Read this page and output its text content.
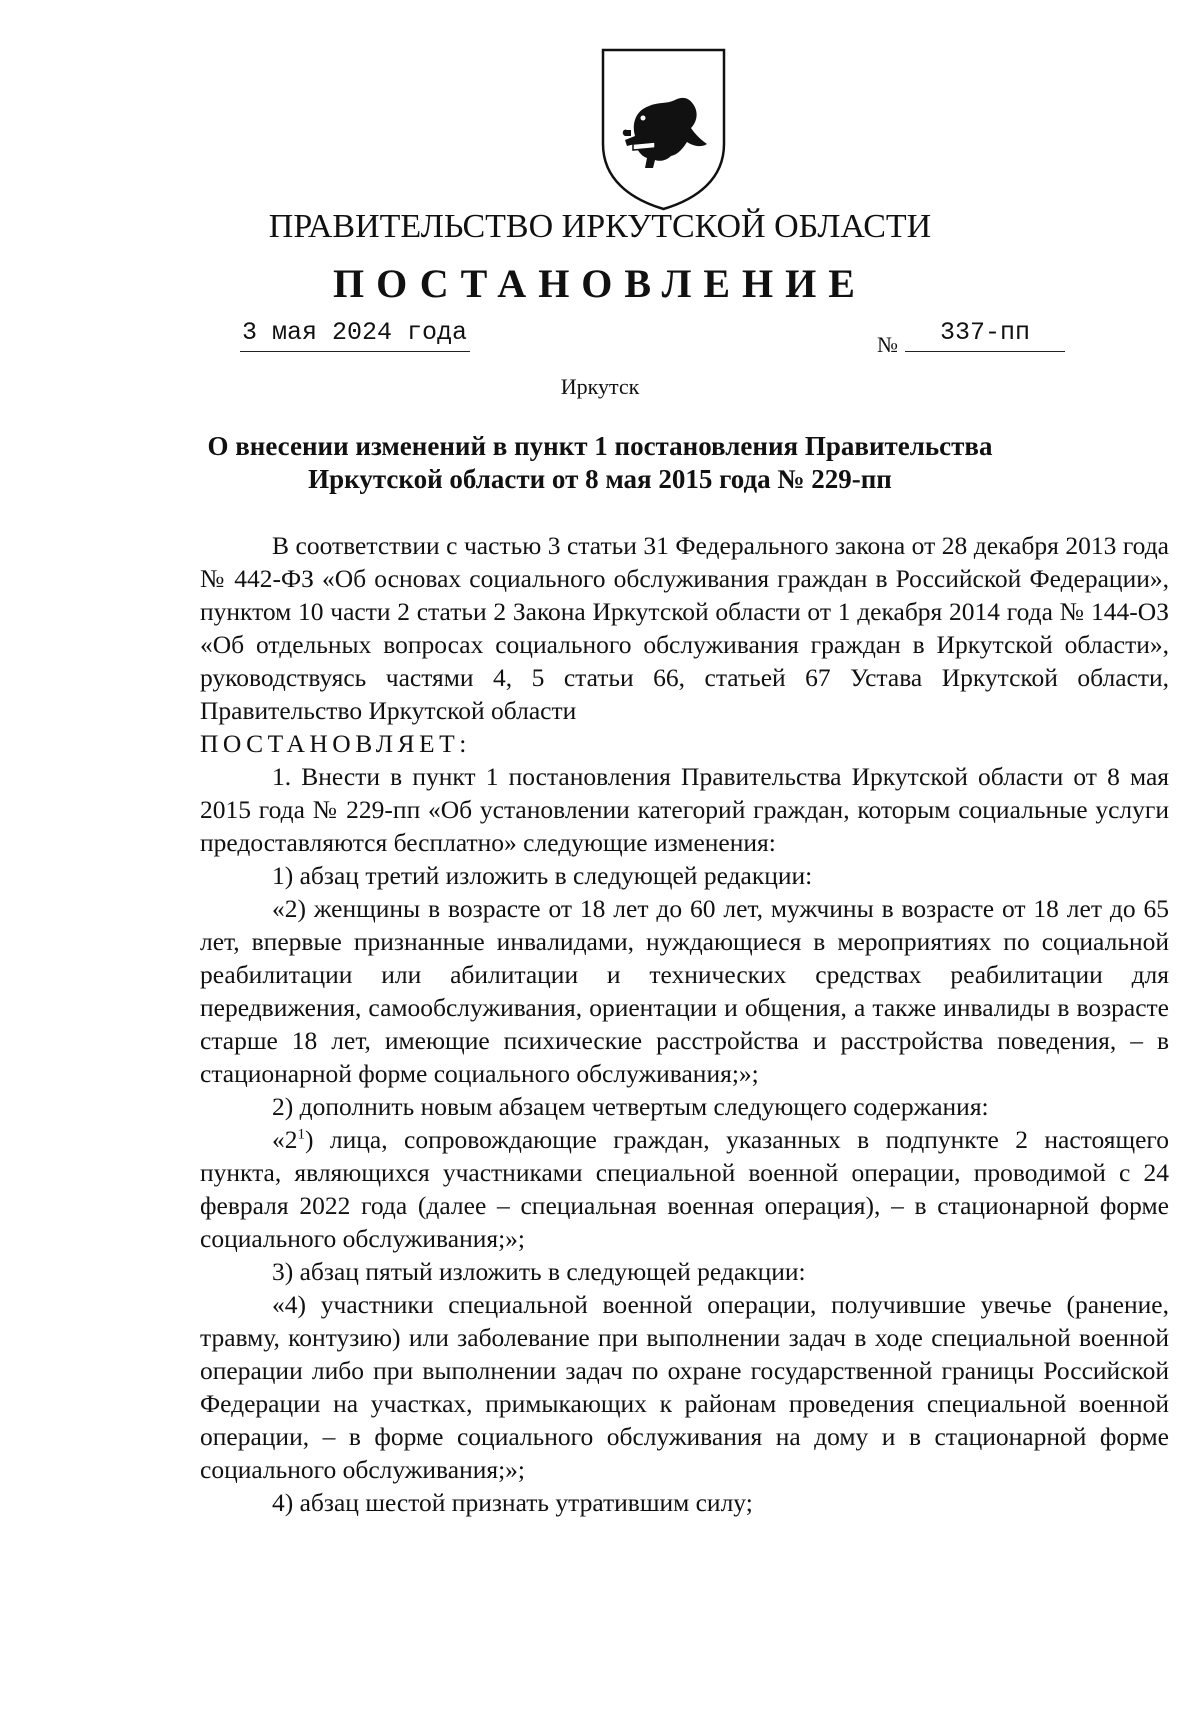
ПРАВИТЕЛЬСТВО ИРКУТСКОЙ ОБЛАСТИ
ПОСТАНОВЛЕНИЕ
3 мая 2024 года	№	337-пп
Иркутск
О внесении изменений в пункт 1 постановления Правительства
Иркутской области от 8 мая 2015 года № 229-пп

В соответствии с частью 3 статьи 31 Федерального закона от 28 декабря 2013 года № 442-ФЗ «Об основах социального обслуживания граждан в Российской Федерации», пунктом 10 части 2 статьи 2 Закона Иркутской области от 1 декабря 2014 года № 144-ОЗ «Об отдельных вопросах социального обслуживания граждан в Иркутской области», руководствуясь частями 4, 5 статьи 66, статьей 67 Устава Иркутской области, Правительство Иркутской области

ПОСТАНОВЛЯЕТ:

1. Внести в пункт 1 постановления Правительства Иркутской области от 8 мая 2015 года № 229-пп «Об установлении категорий граждан, которым социальные услуги предоставляются бесплатно» следующие изменения:

1) абзац третий изложить в следующей редакции:

«2) женщины в возрасте от 18 лет до 60 лет, мужчины в возрасте от 18 лет до 65 лет, впервые признанные инвалидами, нуждающиеся в мероприятиях по социальной реабилитации или абилитации и технических средствах реабилитации для передвижения, самообслуживания, ориентации и общения, а также инвалиды в возрасте старше 18 лет, имеющие психические расстройства и расстройства поведения, – в стационарной форме социального обслуживания;»;

2) дополнить новым абзацем четвертым следующего содержания:

«$2^1$) лица, сопровождающие граждан, указанных в подпункте 2 настоящего пункта, являющихся участниками специальной военной операции, проводимой с 24 февраля 2022 года (далее – специальная военная операция), – в стационарной форме социального обслуживания;»;

3) абзац пятый изложить в следующей редакции:

«4) участники специальной военной операции, получившие увечье (ранение, травму, контузию) или заболевание при выполнении задач в ходе специальной военной операции либо при выполнении задач по охране государственной границы Российской Федерации на участках, примыкающих к районам проведения специальной военной операции, – в форме социального обслуживания на дому и в стационарной форме социального обслуживания;»;

4) абзац шестой признать утратившим силу;
